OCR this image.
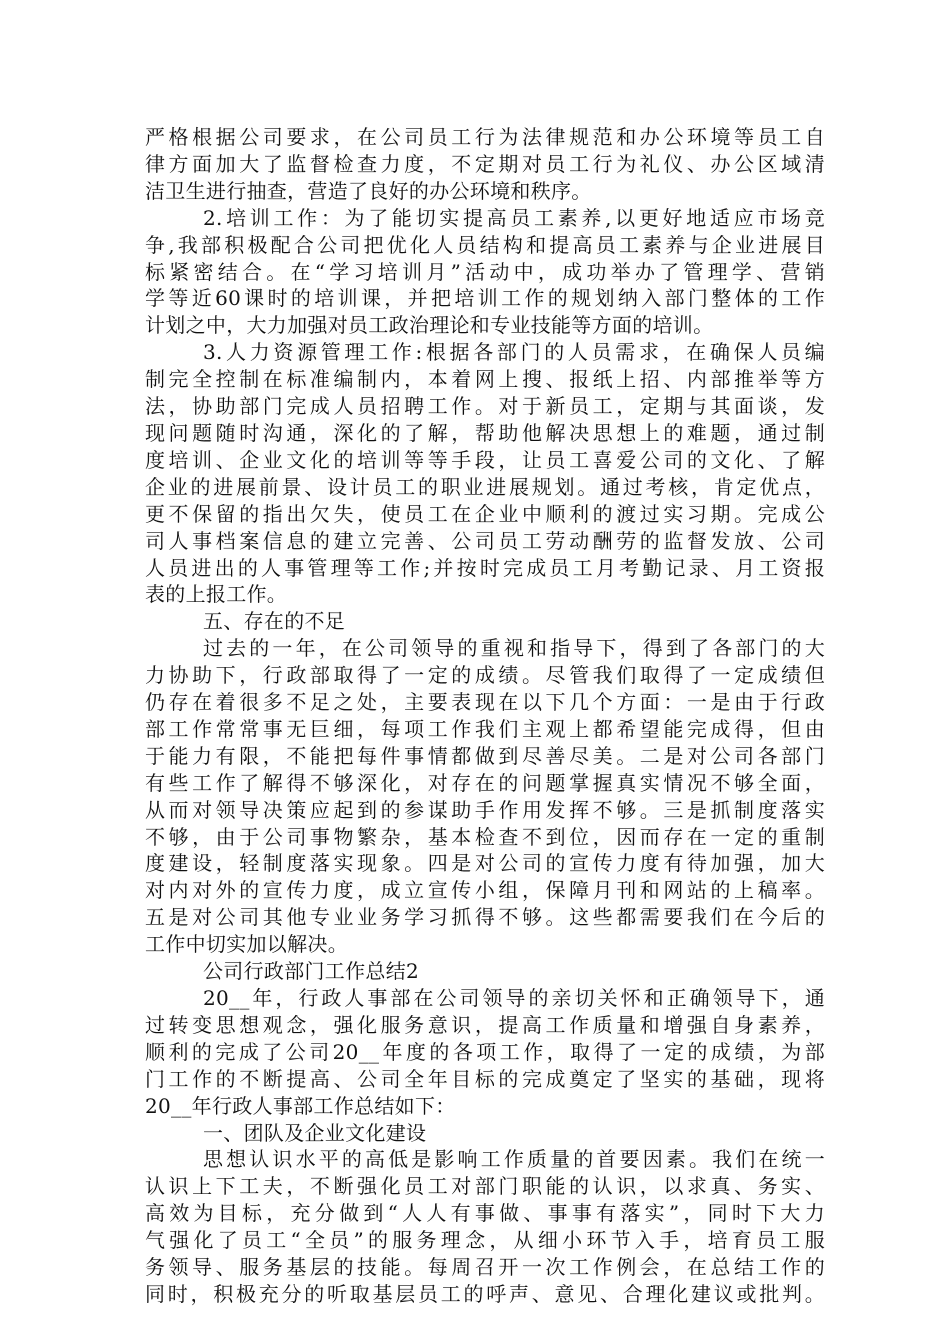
严格根据公司要求，在公司员工行为法律规范和办公环境等员工自
律方面加大了监督检查力度，不定期对员工行为礼仪、办公区域清
洁卫生进行抽查，营造了良好的办公环境和秩序。
2.培训工作：为了能切实提高员工素养,以更好地适应市场竞
争,我部积极配合公司把优化人员结构和提高员工素养与企业进展目
标紧密结合。在“学习培训月”活动中，成功举办了管理学、营销
学等近60课时的培训课，并把培训工作的规划纳入部门整体的工作
计划之中，大力加强对员工政治理论和专业技能等方面的培训。
3.人力资源管理工作:根据各部门的人员需求，在确保人员编
制完全控制在标准编制内，本着网上搜、报纸上招、内部推举等方
法，协助部门完成人员招聘工作。对于新员工，定期与其面谈，发
现问题随时沟通，深化的了解，帮助他解决思想上的难题，通过制
度培训、企业文化的培训等等手段，让员工喜爱公司的文化、了解
企业的进展前景、设计员工的职业进展规划。通过考核，肯定优点，
更不保留的指出欠失，使员工在企业中顺利的渡过实习期。完成公
司人事档案信息的建立完善、公司员工劳动酬劳的监督发放、公司
人员进出的人事管理等工作;并按时完成员工月考勤记录、月工资报
表的上报工作。
五、存在的不足
过去的一年，在公司领导的重视和指导下，得到了各部门的大
力协助下，行政部取得了一定的成绩。尽管我们取得了一定成绩但
仍存在着很多不足之处，主要表现在以下几个方面：一是由于行政
部工作常常事无巨细，每项工作我们主观上都希望能完成得，但由
于能力有限，不能把每件事情都做到尽善尽美。二是对公司各部门
有些工作了解得不够深化，对存在的问题掌握真实情况不够全面，
从而对领导决策应起到的参谋助手作用发挥不够。三是抓制度落实
不够，由于公司事物繁杂，基本检查不到位，因而存在一定的重制
度建设，轻制度落实现象。四是对公司的宣传力度有待加强，加大
对内对外的宣传力度，成立宣传小组，保障月刊和网站的上稿率。
五是对公司其他专业业务学习抓得不够。这些都需要我们在今后的
工作中切实加以解决。
公司行政部门工作总结2
20__年，行政人事部在公司领导的亲切关怀和正确领导下，通
过转变思想观念，强化服务意识，提高工作质量和增强自身素养，
顺利的完成了公司20__年度的各项工作，取得了一定的成绩，为部
门工作的不断提高、公司全年目标的完成奠定了坚实的基础，现将
20__年行政人事部工作总结如下：
一、团队及企业文化建设
思想认识水平的高低是影响工作质量的首要因素。我们在统一
认识上下工夫，不断强化员工对部门职能的认识，以求真、务实、
高效为目标，充分做到“人人有事做、事事有落实”，同时下大力
气强化了员工“全员”的服务理念，从细小环节入手，培育员工服
务领导、服务基层的技能。每周召开一次工作例会，在总结工作的
同时，积极充分的听取基层员工的呼声、意见、合理化建议或批判。
